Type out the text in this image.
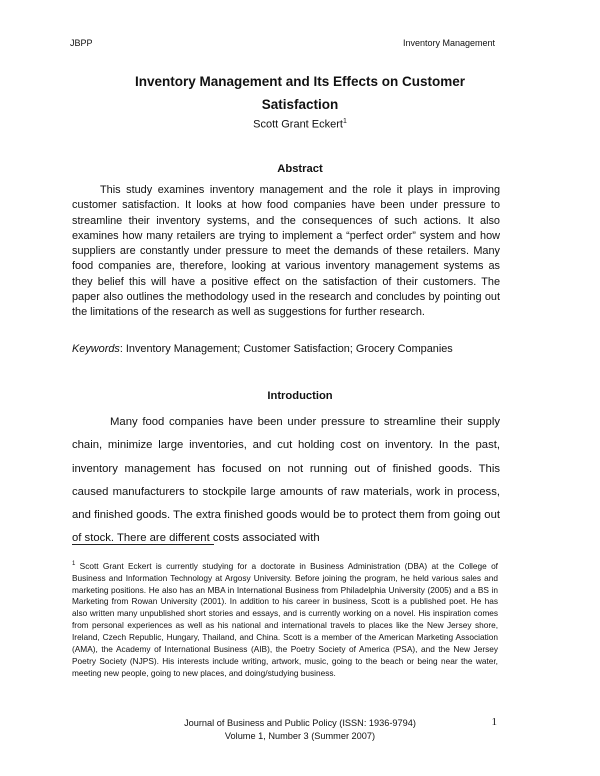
JBPP	Inventory Management
Inventory Management and Its Effects on Customer
Satisfaction
Scott Grant Eckert$^1$
Abstract

This study examines inventory management and the role it plays in improving customer satisfaction. It looks at how food companies have been under pressure to streamline their inventory systems, and the consequences of such actions. It also examines how many retailers are trying to implement a “perfect order” system and how suppliers are constantly under pressure to meet the demands of these retailers. Many food companies are, therefore, looking at various inventory management systems as they belief this will have a positive effect on the satisfaction of their customers. The paper also outlines the methodology used in the research and concludes by pointing out the limitations of the research as well as suggestions for further research.

Keywords: Inventory Management; Customer Satisfaction; Grocery Companies

Introduction

Many food companies have been under pressure to streamline their supply chain, minimize large inventories, and cut holding cost on inventory. In the past, inventory management has focused on not running out of finished goods. This caused manufacturers to stockpile large amounts of raw materials, work in process, and finished goods. The extra finished goods would be to protect them from going out of stock. There are different costs associated with

$^1$ Scott Grant Eckert is currently studying for a doctorate in Business Administration (DBA) at the College of Business and Information Technology at Argosy University. Before joining the program, he held various sales and marketing positions. He also has an MBA in International Business from Philadelphia University (2005) and a BS in Marketing from Rowan University (2001). In addition to his career in business, Scott is a published poet. He has also written many unpublished short stories and essays, and is currently working on a novel. His inspiration comes from personal experiences as well as his national and international travels to places like the New Jersey shore, Ireland, Czech Republic, Hungary, Thailand, and China. Scott is a member of the American Marketing Association (AMA), the Academy of International Business (AIB), the Poetry Society of America (PSA), and the New Jersey Poetry Society (NJPS). His interests include writing, artwork, music, going to the beach or being near the water, meeting new people, going to new places, and doing/studying business.

Journal of Business and Public Policy (ISSN: 1936-9794)
Volume 1, Number 3 (Summer 2007)
1
